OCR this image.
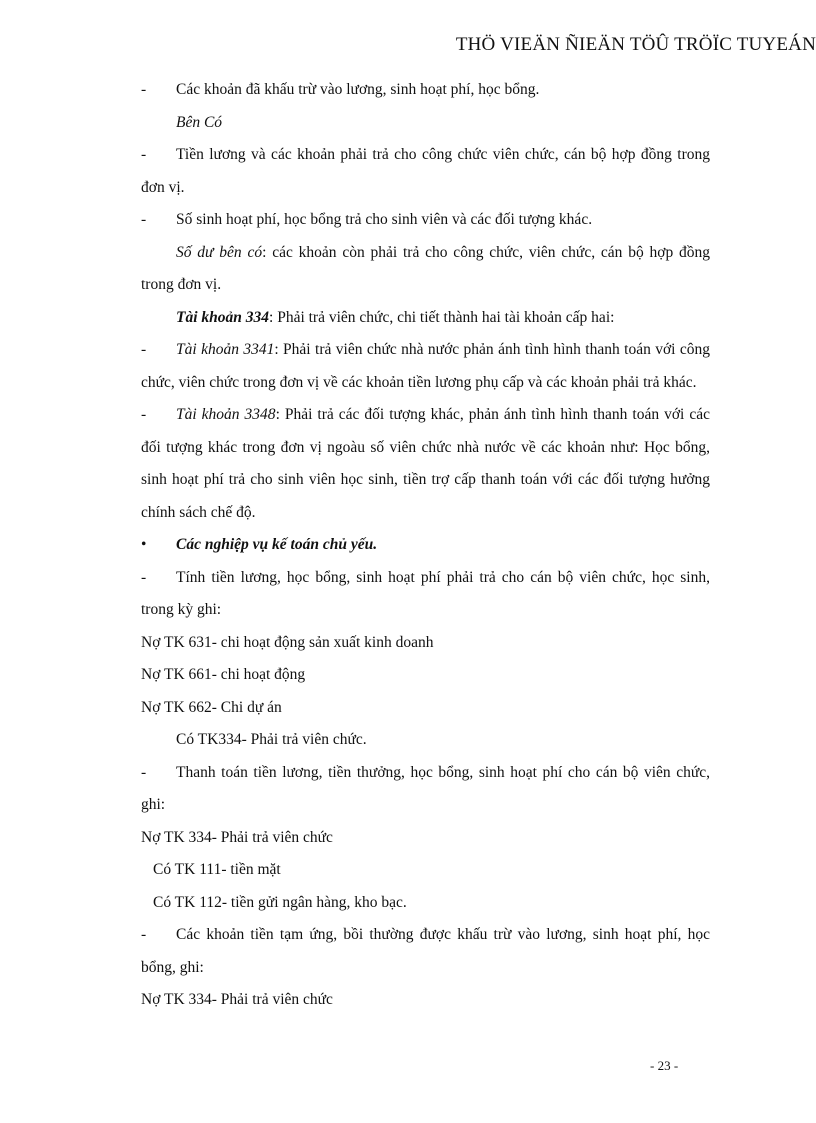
THÖ VIEÄN ÑIEÄN TÖÛ TRÖÏC TUYEÁN

- Các khoản đã khấu trừ vào lương, sinh hoạt phí, học bổng.

Bên Có

- Tiền lương và các khoản phải trả cho công chức viên chức, cán bộ hợp đồng trong đơn vị.

- Số sinh hoạt phí, học bổng trả cho sinh viên và các đối tượng khác.

Số dư bên có: các khoản còn phải trả cho công chức, viên chức, cán bộ hợp đồng trong đơn vị.

Tài khoản 334: Phải trả viên chức, chi tiết thành hai tài khoản cấp hai:

- Tài khoản 3341: Phải trả viên chức nhà nước phản ánh tình hình thanh toán với công chức, viên chức trong đơn vị về các khoản tiền lương phụ cấp và các khoản phải trả khác.

- Tài khoản 3348: Phải trả các đối tượng khác, phản ánh tình hình thanh toán với các đối tượng khác trong đơn vị ngoàu số viên chức nhà nước về các khoản như: Học bổng, sinh hoạt phí trả cho sinh viên học sinh, tiền trợ cấp thanh toán với các đối tượng hưởng chính sách chế độ.

• Các nghiệp vụ kế toán chủ yếu.

- Tính tiền lương, học bổng, sinh hoạt phí phải trả cho cán bộ viên chức, học sinh, trong kỳ ghi:

Nợ TK 631- chi hoạt động sản xuất kinh doanh

Nợ TK 661- chi hoạt động

Nợ TK 662- Chi dự án

Có TK334- Phải trả viên chức.

- Thanh toán tiền lương, tiền thưởng, học bổng, sinh hoạt phí cho cán bộ viên chức, ghi:

Nợ TK 334- Phải trả viên chức

Có TK 111- tiền mặt

Có TK 112- tiền gửi ngân hàng, kho bạc.

- Các khoản tiền tạm ứng, bồi thường được khấu trừ vào lương, sinh hoạt phí, học bổng, ghi:

Nợ TK 334- Phải trả viên chức

- 23 -
